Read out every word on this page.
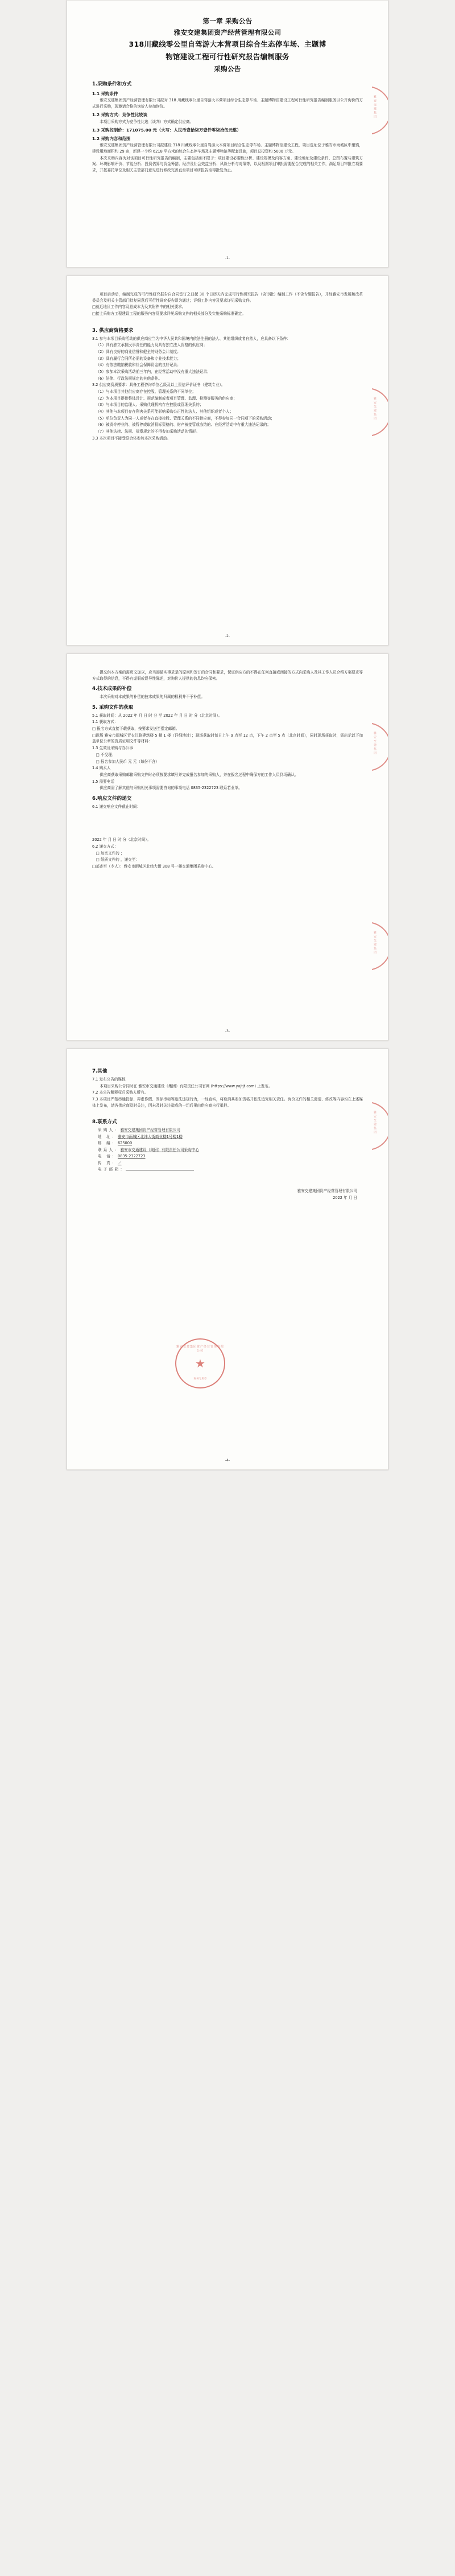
第一章 采购公告
雅安交建集团资产经营管理有限公司
318川藏线零公里自驾游大本营项目综合生态停车场、主题博
物馆建设工程可行性研究报告编制服务
采购公告
1.采购条件和方式
1.1 采购条件

雅安交建集团资产经营管理有限公司拟对 318 川藏线零公里自驾游大本营项目综合生态停车场、主题博物馆建设工程可行性研究报告编制服务以公开询价的方式进行采购，现邀请合格的询价人参加询价。

1.2 采购方式：竞争性比较谈

本项目采购方式为竞争性比选（谈判）方式确定供应商。

1.3 采购控制价：171075.00 元（大写：人民币壹拾柒万壹仟零柒拾伍元整）
1.2 采购内容和范围

雅安交建集团资产经营管理有限公司拟建设 318 川藏线零公里自驾游大本营项目综合生态停车场、主题博物馆建设工程，项目选址位于雅安市雨城区中里镇，建设用地面积约 29 亩，新建一个约 6218 平方米的综合生态停车场及主题博物馆等配套设施，项目总投资约 5000 万元。

本次采购内容为对该项目可行性研究报告的编制，主要包括但不限于：项目建设必要性分析、建设规模及内容方案、建设地址及建设条件、总图布置与建筑方案、环境影响评价、节能分析、投资估算与资金筹措、经济及社会效益分析、风险分析与对策等，以及根据项目审批需要配合完成的相关工作，满足项目审批立项要求，并按委托单位及相关主管部门意见进行修改完善直至项目可研报告取得批复为止。

雅安交建集团
-1-

项目启动后，编制完成的可行性研究报告自合同签订之日起 30 个日历天内完成可行性研究报告（含审批）编制工作（不含专题报告），并经雅安市发展和改革委员会及相关主管部门批复同意后可行性研究报告即为通过；详细工作内容及要求详见采购文件。

□就近地区工作内容及总成本为及其附件中的相关要求。

□接上采购方工程建设工程的服务内容及要求详见采购文件的相关部分及实施采购标准确定。

3. 供应商资格要求

3.1 参与本项目采购活动的供应商应当为中华人民共和国境内依法注册的法人、其他组织或者自然人，应具备以下条件：

（1）具有独立承担民事责任的能力及具有独立法人资格的供应商；

（2）具有良好的商业信誉和健全的财务会计制度；

（3）具有履行合同所必需的设备和专业技术能力；

（4）有依法缴纳税收和社会保障资金的良好记录；

（5）参加本次采购活动前三年内，在经营活动中没有重大违法记录；

（6）法律、行政法规规定的其他条件。

3.2 供应商资质要求：具备工程咨询单位乙级及以上资信评价证书（建筑专业）。

（1）与本项目其他供应商存在控股、管理关系的不同单位；

（2）为本项目提供整体设计、规范编制或者项目管理、监理、检测等服务的供应商；

（3）与本项目的监理人、采购代理机构存在控股或管理关系的；

（4）其他与本项目存在利害关系可能影响采购公正性的法人、其他组织或者个人；

（5）单位负责人为同一人或者存在直接控股、管理关系的不同供应商，不得参加同一合同项下的采购活动；

（6）被责令停业的、被暂停或取消投标资格的、财产被接管或冻结的、在经营活动中有重大违法记录的；

（7）其他法律、法规、规章规定的不得参加采购活动的情形。

3.3 本次项目不接受联合体参加本次采购活动。

雅安交建集团
-2-

提交供本方案的需页文加以，应当遵循实事求是的原则和签订的合同和要求，保证供应方的不得在任何直接或间接的方式向采购人及其工作人员介绍方案要求等方式取得的信息，不得有虚假或误导性陈述，对询价人提供的信息均应保密。

4.技术成果的补偿

本次采购对本成果的补偿的技术成果的归属的权利并不予补偿。

5. 采购文件的获取

5.1 获取时间：从 2022 年 月 日 时 分 至 2022 年 月 日 时 分（北京时间）。

1.1 获取方式：

□ 报名方式直接下载获取，按要求发送至指定邮箱。

□现场 雅安市雨城区青衣江路建筑楼 5 楼 1 楼（详细地址）；现场获取时每日上午 9 点至 12 点，下午 2 点至 5 点（北京时间），同时现场获取时，需出示以下加盖单位公章的资质证明文件等材料：

1.3 生效及采购与办公事

□ 不受理；

□ 报名参加人民币 元 元（每份不含）

1.4 购买人

供应商获取采购邮箱采购文件时必须按要求填写并完成报名参加的采购人，并在报名过程中确保方的工作人员到场确认。

1.5 需要电话

供应商需了解其他与采购相关事项需要咨询的事项电话 0835-2322723 联系若业单。

6.响应文件的递交

6.1 递交响应文件截止时间：

2022 年 月 日 时 分（北京时间）。

6.2 递交方式：

□ 加密文件的 ；

□ 纸质文件的 ，递交至：

□邮寄至（专人）：雅安市雨城区北纬大街 308 号一楼交通集团采购中心。

雅安交建集团
雅安交建集团
-3-
7.其他

7.1 发布公告的媒体

本项目采购公告同时在 雅安市交通建设（集团）有限责任公司官网 (https://www.yajtjt.com) 上发布。

7.2 本公告解释权归采购人所有。

7.3 本项目严禁串通投标、弄虚作假、围标串标等违法违规行为，一经查实，将取消其参加资格并依法追究相关责任。询价文件的相关澄清、修改等内容均在上述媒体上发布，请各供应商及时关注，因未及时关注造成的一切后果由供应商自行承担。

8.联系方式
采购人：雅安交建集团资产经营管理有限公司
地 址：雅安市雨城区北纬大街商业楼1号楼1楼
邮 编：625000
联系人：雅安市交通建设（集团）有限责任公司采购中心
电 话：0835-2322723
传 真：／
电子邮箱：
雅安交建集团资产经营管理有限公司
2022 年 月 日
雅安交建集团资产经营管理有限公司
★
财务专用章
雅安交建集团
-4-
